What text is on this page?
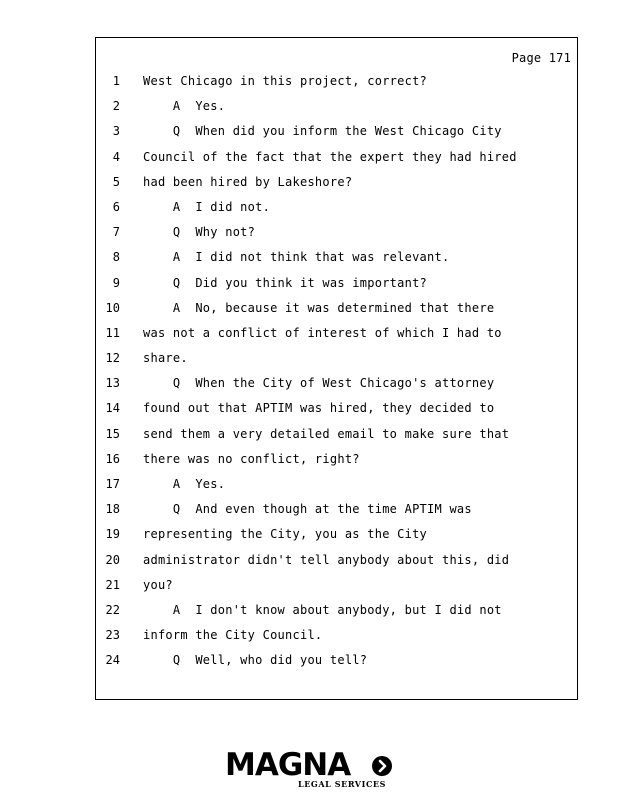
Page 171
1 West Chicago in this project, correct?
2 A  Yes.
3 Q  When did you inform the West Chicago City
4 Council of the fact that the expert they had hired
5 had been hired by Lakeshore?
6 A  I did not.
7 Q  Why not?
8 A  I did not think that was relevant.
9 Q  Did you think it was important?
10 A  No, because it was determined that there
11 was not a conflict of interest of which I had to
12 share.
13 Q  When the City of West Chicago's attorney
14 found out that APTIM was hired, they decided to
15 send them a very detailed email to make sure that
16 there was no conflict, right?
17 A  Yes.
18 Q  And even though at the time APTIM was
19 representing the City, you as the City
20 administrator didn't tell anybody about this, did
21 you?
22 A  I don't know about anybody, but I did not
23 inform the City Council.
24 Q  Well, who did you tell?
MAGNA
LEGAL SERVICES
